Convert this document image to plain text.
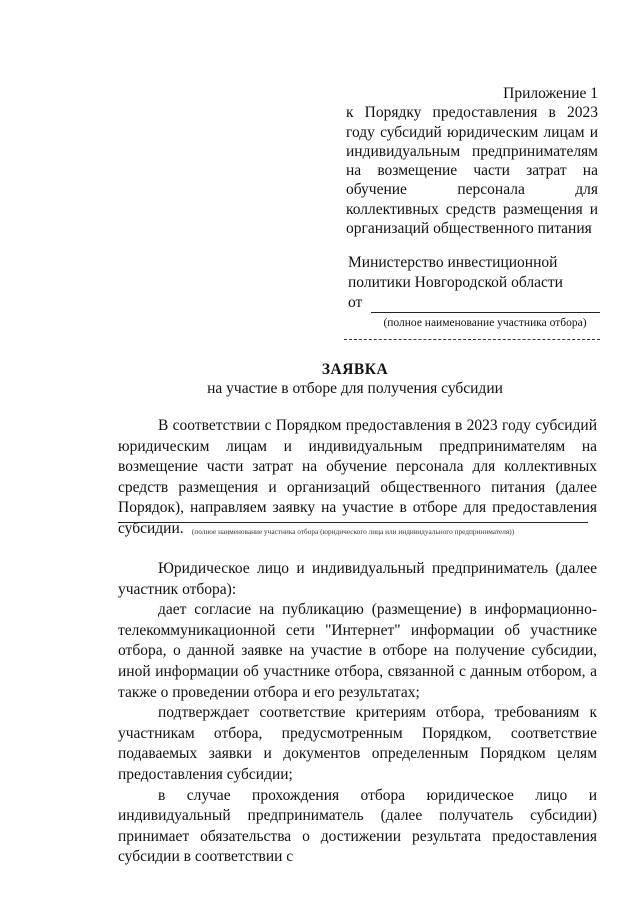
Приложение 1
к Порядку предоставления в 2023 году субсидий юридическим лицам и индивидуальным предпринимателям на возмещение части затрат на обучение персонала для коллективных средств размещения и организаций общественного питания
Министерство инвестиционной
политики Новгородской области
от
(полное наименование участника отбора)
ЗАЯВКА
на участие в отборе для получения субсидии

В соответствии с Порядком предоставления в 2023 году субсидий юридическим лицам и индивидуальным предпринимателям на возмещение части затрат на обучение персонала для коллективных средств размещения и организаций общественного питания (далее Порядок), направляем заявку на участие в отборе для предоставления субсидии.	(полное наименование участника отбора (юридического лица или индивидуального предпринимателя))

Юридическое лицо и индивидуальный предприниматель (далее участник отбора):

дает согласие на публикацию (размещение) в информационно-телекоммуникационной сети "Интернет" информации об участнике отбора, о данной заявке на участие в отборе на получение субсидии, иной информации об участнике отбора, связанной с данным отбором, а также о проведении отбора и его результатах;

подтверждает соответствие критериям отбора, требованиям к участникам отбора, предусмотренным Порядком, соответствие подаваемых заявки и документов определенным Порядком целям предоставления субсидии;

в случае прохождения отбора юридическое лицо и индивидуальный предприниматель (далее получатель субсидии) принимает обязательства о достижении результата предоставления субсидии в соответствии с
